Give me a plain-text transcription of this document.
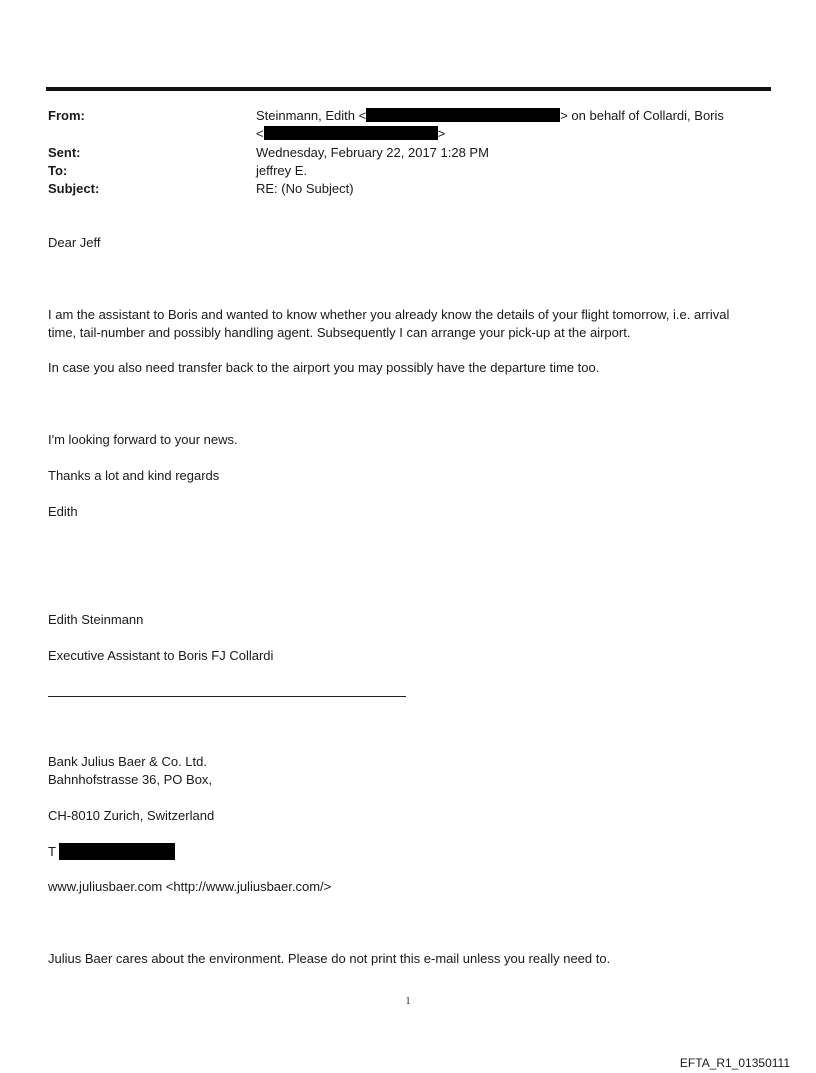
From:	Steinmann, Edith <	> on behalf of Collardi, Boris
<	>
Sent:	Wednesday, February 22, 2017 1:28 PM
To:	jeffrey E.
Subject:	RE: (No Subject)
Dear Jeff
I am the assistant to Boris and wanted to know whether you already know the details of your flight tomorrow, i.e. arrival
time, tail-number and possibly handling agent. Subsequently I can arrange your pick-up at the airport.
In case you also need transfer back to the airport you may possibly have the departure time too.
I'm looking forward to your news.
Thanks a lot and kind regards
Edith
Edith Steinmann
Executive Assistant to Boris FJ Collardi
Bank Julius Baer & Co. Ltd.
Bahnhofstrasse 36, PO Box,
CH-8010 Zurich, Switzerland
T
www.juliusbaer.com <http://www.juliusbaer.com/>
Julius Baer cares about the environment. Please do not print this e-mail unless you really need to.
1
EFTA_R1_01350111
